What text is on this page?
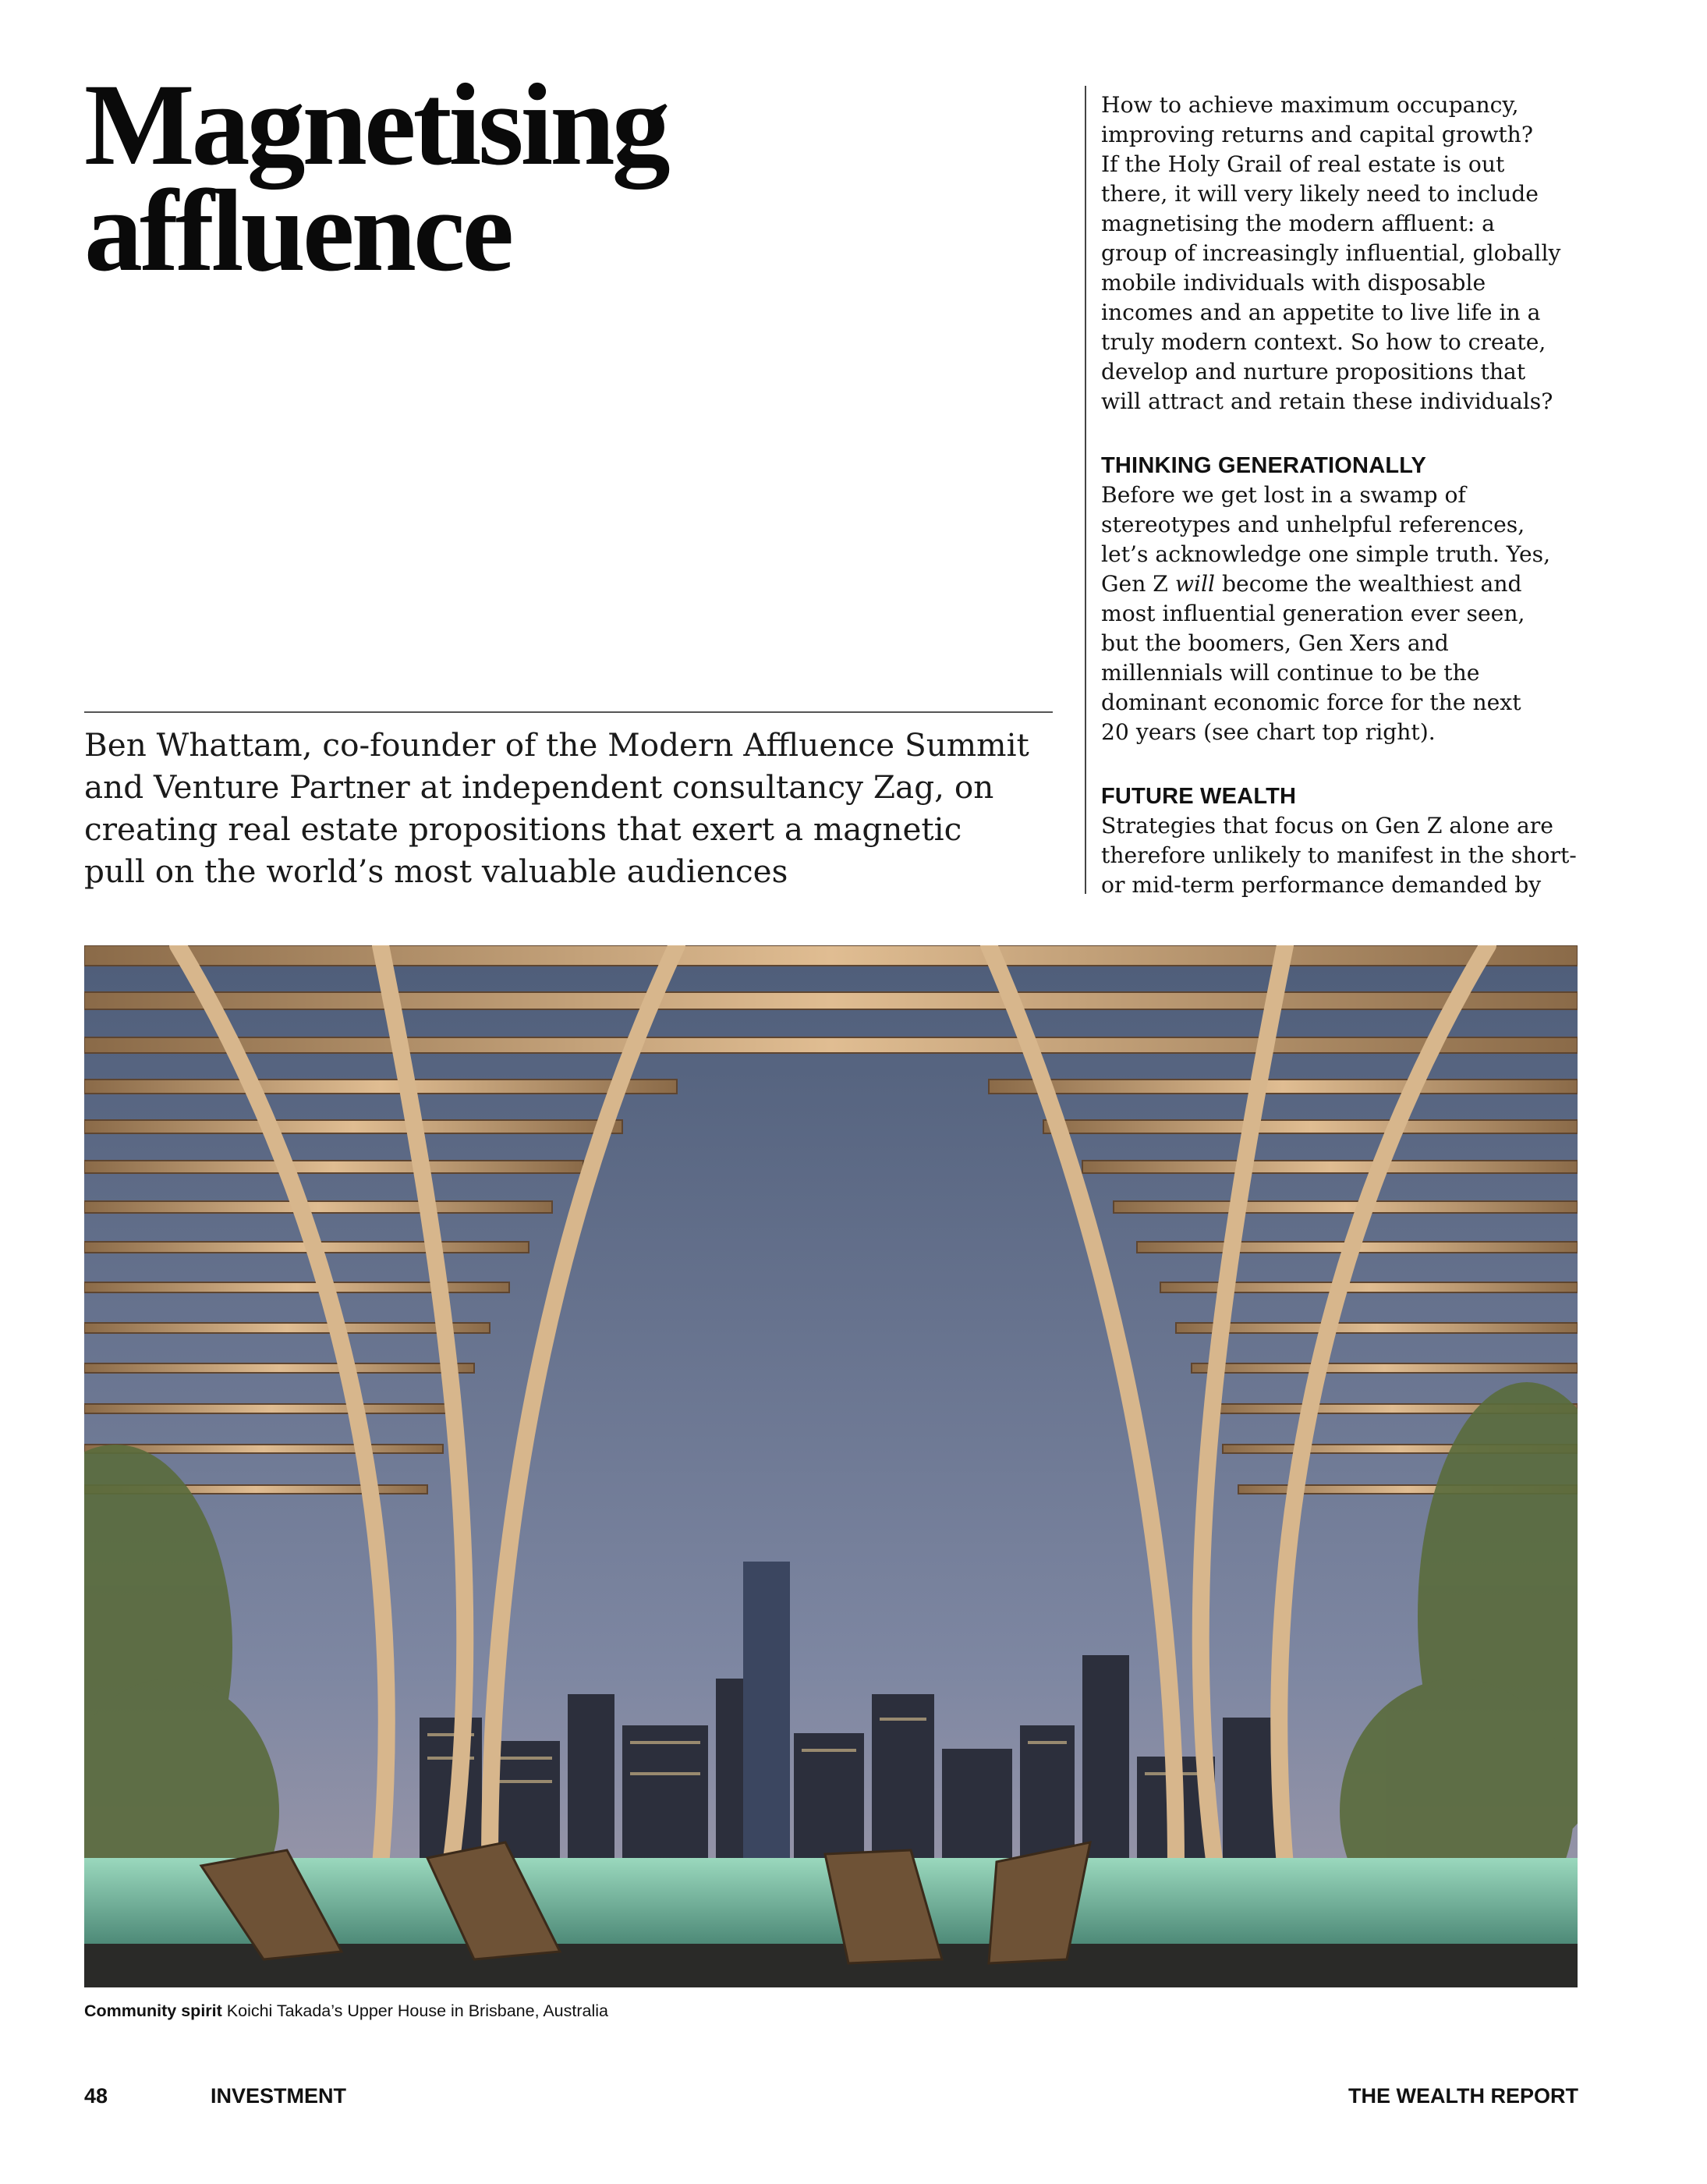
Magnetising
affluence

Ben Whattam, co-founder of the Modern Affluence Summit
and Venture Partner at independent consultancy Zag, on
creating real estate propositions that exert a magnetic
pull on the world’s most valuable audiences

How to achieve maximum occupancy,
improving returns and capital growth?
If the Holy Grail of real estate is out
there, it will very likely need to include
magnetising the modern affluent: a
group of increasingly influential, globally
mobile individuals with disposable
incomes and an appetite to live life in a
truly modern context. So how to create,
develop and nurture propositions that
will attract and retain these individuals?

THINKING GENERATIONALLY

Before we get lost in a swamp of
stereotypes and unhelpful references,
let’s acknowledge one simple truth. Yes,
Gen Z will become the wealthiest and
most influential generation ever seen,
but the boomers, Gen Xers and
millennials will continue to be the
dominant economic force for the next
20 years (see chart top right).

FUTURE WEALTH

Strategies that focus on Gen Z alone are
therefore unlikely to manifest in the short-
or mid-term performance demanded by

Community spirit Koichi Takada’s Upper House in Brisbane, Australia
48	INVESTMENT	THE WEALTH REPORT
